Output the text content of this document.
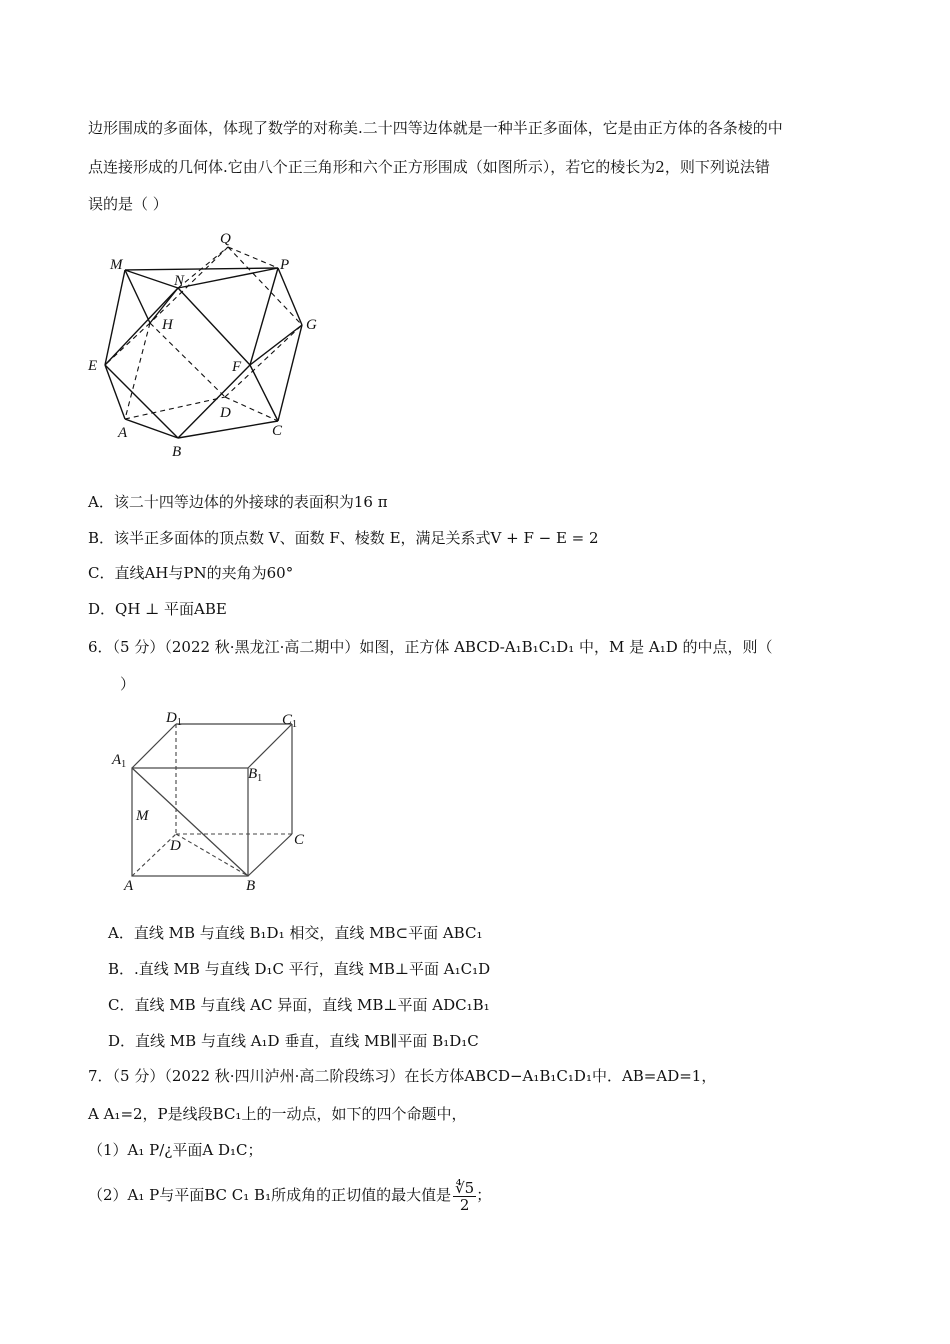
边形围成的多面体，体现了数学的对称美.二十四等边体就是一种半正多面体，它是由正方体的各条棱的中
点连接形成的几何体.它由八个正三角形和六个正方形围成（如图所示），若它的棱长为2，则下列说法错
误的是（ ）
Q
M
N
P
H	G
E	F
D
A	C
B
A．该二十四等边体的外接球的表面积为16 π
B．该半正多面体的顶点数 V、面数 F、棱数 E，满足关系式V + F − E = 2
C．直线AH与PN的夹角为60°
D．QH ⊥ 平面ABE
6．（5 分）（2022 秋·黑龙江·高二期中）如图，正方体 ABCD‐A₁B₁C₁D₁ 中，M 是 A₁D 的中点，则（
）
$D_1$	$C_1$
$A_1$
$B_1$
M
D	C
A	B
A．直线 MB 与直线 B₁D₁ 相交，直线 MB⊂平面 ABC₁
B．.直线 MB 与直线 D₁C 平行，直线 MB⊥平面 A₁C₁D
C．直线 MB 与直线 AC 异面，直线 MB⊥平面 ADC₁B₁
D．直线 MB 与直线 A₁D 垂直，直线 MB∥平面 B₁D₁C
7．（5 分）（2022 秋·四川泸州·高二阶段练习）在长方体ABCD−A₁B₁C₁D₁中．AB=AD=1，
A A₁=2，P是线段BC₁上的一动点，如下的四个命题中，
（1）A₁ P/¿平面A D₁C；
（2）A₁ P与平面BC C₁ B₁所成角的正切值的最大值是 $\frac{∜5}{2}$ ；
